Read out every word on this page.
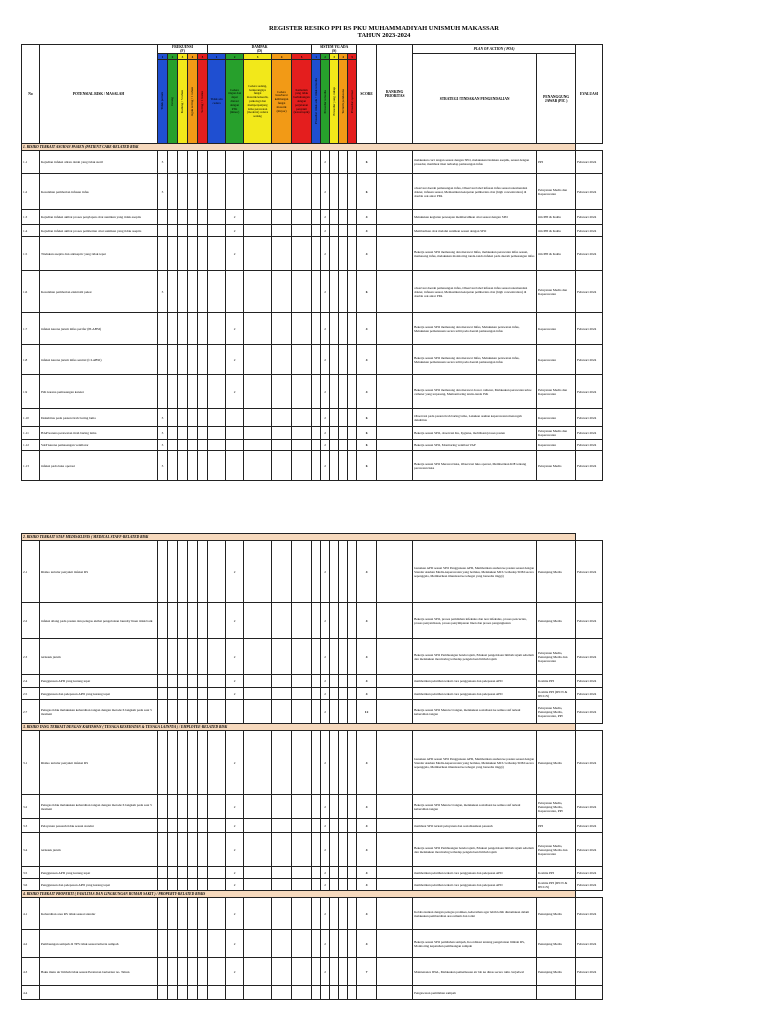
REGISTER RESIKO PPI RS PKU MUHAMMADIYAH UNISMUH MAKASSAR
TAHUN 2023-2024
No	POTENSIAL RISK / MASALAH	FREKUENSI
(F)					DAMPAK
(D)					SISTEM YG ADA
(S)					SCORE	RANKING PRIORITAS	PLAN OF ACTION ( POA)		EVALUASI
		1	2	3	4	5	1	2	3	4	5	1	2	3	4	5			STRATEGI /TINDAKAN PENGENDALIAN	PENANGGUNG JAWAB (PIC )	
		Tidak pernah	Jarang	Kadang / 5 tahun	Agak sering / 1 tahun	Sering / 1 bulan	Tidak ada cedera	Cedera ringan dan dapat diatasi dengan P3K (minor)	Cedera sedang, berkurangnya fungsi motorik/sensorik, psikologi dan memperpanjang lama perawatan (moderat) cedera sedang	Cedera luas/berat kehilangan fungsi motorik (mayor)	Kematian yang tidak berhubungan dengan perjalanan penyakit (katastropik)	Prosedur tidak ada / tidak tersedia	Prosedur tersedia	Prosedur yang cukup	Terlatih pelaksana	Prosedur optimal					
1. RISIKO TERKAIT ASUHAN PASIEN (PATIENT CARE-RELATED RISK																					
1.1	Kejadian infeksi aliran darah yang tidak steril	3											2				6		melakukan cuci tangan sesuai dengan SPO, melakukan tindakan aseptik, sesuai dengan prosedur, membuat tiket terhadap pemasangan infus	PPI	Februari 2024
1.2	Kesalahan pemberian infusan infus	3											2				6		observasi daerah pemasangan infus, Observasi label infusan infus sesuai rekomendasi dokter, infusan sesuai, Memastikan ketepatan pemberian obat (high concentration) di double cek antar PPA	Pelayanan Medis dan Keperawatan	Februari 2024
1.3	Kejadian infeksi akibat proses penyiapan obat suntikan yang tidak aseptis							2					2				4		Melakukan kegiatan peresapan membersihkan obat sesuai dengan SPO	tim PPI & KaRu	Februari 2024
1.4	Kejadian infeksi akibat proses pemberian obat suntikan yang tidak aseptis							2					2				4		Memberikan obat melalui suntikan sesuai dengan SPO	tim PPI & KaRu	Februari 2024
1.5	Tindakan aseptis dan antiseptic yang tidak tepat							2					2				4		Bekerja sesuai SPO memasang dan merawat Infus, melakukan perawatan infus sesuai, memasang infus, melakukan monitoring tanda-tanda infeksi pada daerah pemasangan infus	tim PPI & KaRu	Februari 2024
1.6	Kesalahan pemberian elektrolit pekat	3											2				6		observasi daerah pemasangan infus, Observasi label infusan infus sesuai rekomendasi dokter, infusan sesuai, Memastikan ketepatan pemberian obat (high concentration) di double cek antar PPA	Pelayanan Medis dan Keperawatan	Februari 2024
1.7	infeksi karena jarum infus perifer (PLABSI)							2					2				4		Bekerja sesuai SPO memasang dan merawat Infus, Melakukan perawatan infus, Melakukan pemantauan secara teliti pada daerah pemasangan infus	Keperawatan	Februari 2024
1.8	infeksi karena jarum infus sentral (CLABSI)							2					2				4		Bekerja sesuai SPO memasang dan merawat Infus, Melakukan perawatan infus, Melakukan pemantauan secara teliti pada daerah pemasangan infus	Keperawatan	Februari 2024
1.9	ISK karena pemasangan kateter							2					2				4		Bekerja sesuai SPO memasang dan merawat dower catheter, Melakukan perawatan urine catheter yang terpasang, Memonitoring tanda-tanda ISK	Pelayanan Medis dan Keperawatan	Februari 2024
1.10	Dekubitus pada pasien tirah baring lama	3											2				6		Observasi pada pasien tirah baring lama, Lakukan asuhan keperawatan mencegah dekubitus	Keperawatan	Februari 2024
1.11	HAP karena perawatan tirah baring lama	3											2				6		Bekerja sesuai SPO, observasi Ku, hygiene, mobilisasi/proses pasien	Pelayanan Medis dan Keperawatan	Februari 2024
1.12	VAP karena pemasangan ventilator	3											2				6		Bekerja sesuai SPO, Monitoring ventilasi VAP	Keperawatan	Februari 2024
1.13	infeksi pada luka operasi	3											2				6		Bekerja sesuai SPO Merawat luka, Observasi luka operasi, Memberikan KIE tentang perawatan luka	Pelayanan Medis	Februari 2024

2. RISIKO TERKAIT STAF MEDIS/KLINIS ( MEDICAL STAFF-RELATED RISK																					
2.1	Risiko tertular penyakit infeksi RS							2					2				4		Gunakan APD sesuai SPO Penggunaan APD, Memberikan asuhan ke pasien sesuai dengan Standar Asuhan Medis-keperawatan yang berlaku, Melakukan MCU terhadap SDM secara sepenggala, Memberikan imunisasi ke tehagai yang bersedia tinggi)	Penunjang Medis	Februari 2024
2.2	infeksi silang pada pasien dan petugas akibat pengelolaan laundry linen tidak baik							2					2				4		Bekerja sesuai SPO, proses pemilahan infeksius dan non infeksius, proses pencucian, proses penyetrikaan, proses penyimpanan linen dan proses pengangkutan	Penunjang Medis	Februari 2024
2.3	tertusuk jarum							2					2				4		Bekerja sesuai SPO Pembuangan benda tajam, Edukasi pengelolaan limbah tajam sebelum dan melakukan monitoring terhadap pengelolaan limbah tajam	Pelayanan Medis, Penunjang Medis dan Keperawatan	Februari 2024
2.4	Penggunaan APD yang kurang tepat							2					2				4		memberikan pelatihan terkait cara penggunaan dan pelepasan APD	Komite PPI	Februari 2024
2.5	Penggunaan dan pelepasan APD yang kurang tepat							2					2				4		memberikan pelatihan terkait cara penggunaan dan pelepasan APD	Komite PPI (IPCN & IPCLN)	Februari 2024
2.7	Petugas tidak melakukan kebersihan tangan dengan metode 6 langkah pada saat 5 moment												2				12		Bekerja sesuai SPO Mencuci tangan, melakukan sosialisasi ke semua staf terkait kebersihan tangan	Pelayanan Medis, Penunjang Medis, Keperawatan, PPI	Februari 2024
3. RISIKO YANG TERKAIT DENGAN KARYAWAN ( TENAGA KESEHATAN & TENAGA LAINNYA ) / EMPLOYEE-RELATED RISK																					
3.1	Risiko tertular penyakit infeksi RS							2					2				4		Gunakan APD sesuai SPO Penggunaan APD, Memberikan asuhan ke pasien sesuai dengan Standar Asuhan Medis-keperawatan yang berlaku, Melakukan MCU terhadap SDM secara sepenggala, Memberikan imunisasi ke tehagai yang bersedia tinggi)	Penunjang Medis	Februari 2024
3.2	Petugas tidak melakukan kebersihan tangan dengan metode 6 langkah pada saat 5 moment							2					2				4		Bekerja sesuai SPO Mencuci tangan, melakukan sosialisasi ke semua staf terkait kebersihan tangan	Pelayanan Medis, Penunjang Medis, Keperawatan, PPI	Februari 2024
3.3	Pelayanan pasasuh tidak sesuai standar							2					2				4		membuat SPO terkait pelayanan dan sosialisasikan pasasuh	PPI	Februari 2024
3.4	tertusuk jarum							2					2				4		Bekerja sesuai SPO Pembuangan benda tajam, Edukasi pengelolaan limbah tajam sebelum dan melakukan monitoring terhadap pengelolaan limbah tajam	Pelayanan Medis, Penunjang Medis dan Keperawatan	Februari 2024
3.5	Penggunaan APD yang kurang tepat							2					2				4		memberikan pelatihan terkait cara penggunaan dan pelepasan APD	Komite PPI	Februari 2024
3.6	Penggunaan dan pelepasan APD yang kurang tepat							2					2				4		memberikan pelatihan terkait cara penggunaan dan pelepasan APD	Komite PPI (IPCN & IPCLN)	Februari 2024
4. RISIKO TERKAIT PROPERTI ( FASILITAS DAN LINGKUNGAN RUMAH SAKIT ) / PROPERTY-RELATED RISKS																					
4.1	Kebersihan area RS tidak sesuai standar							2					2				4		Kolaborasikan dengan petugas promkes, kebersihan agar lebih lebih diutamakan dalam melakukan pembersihan area umum dan toilet	Penunjang Medis	Februari 2024
4.2	Pembuangan sampah di TPS tidak sesuai kriteria sampah							2					2				4		Bekerja sesuai SPO pemilahan sampah, Koordinasi tentang pengelolaan limbah RS, Monitoring kepatuhan pembuangan sampah	Penunjang Medis	Februari 2024
4.3	Baku mutu air limbah tidak sesuai Peraturan Gubernur no. Tahun							2					2				7		Maintenance IPAL, Melakukan pemeriksaan air lab ke dinas secara rutin /terjadwal	Penunjang Medis	Februari 2024
4.4																			Pengawasan pemilahan sampah		
